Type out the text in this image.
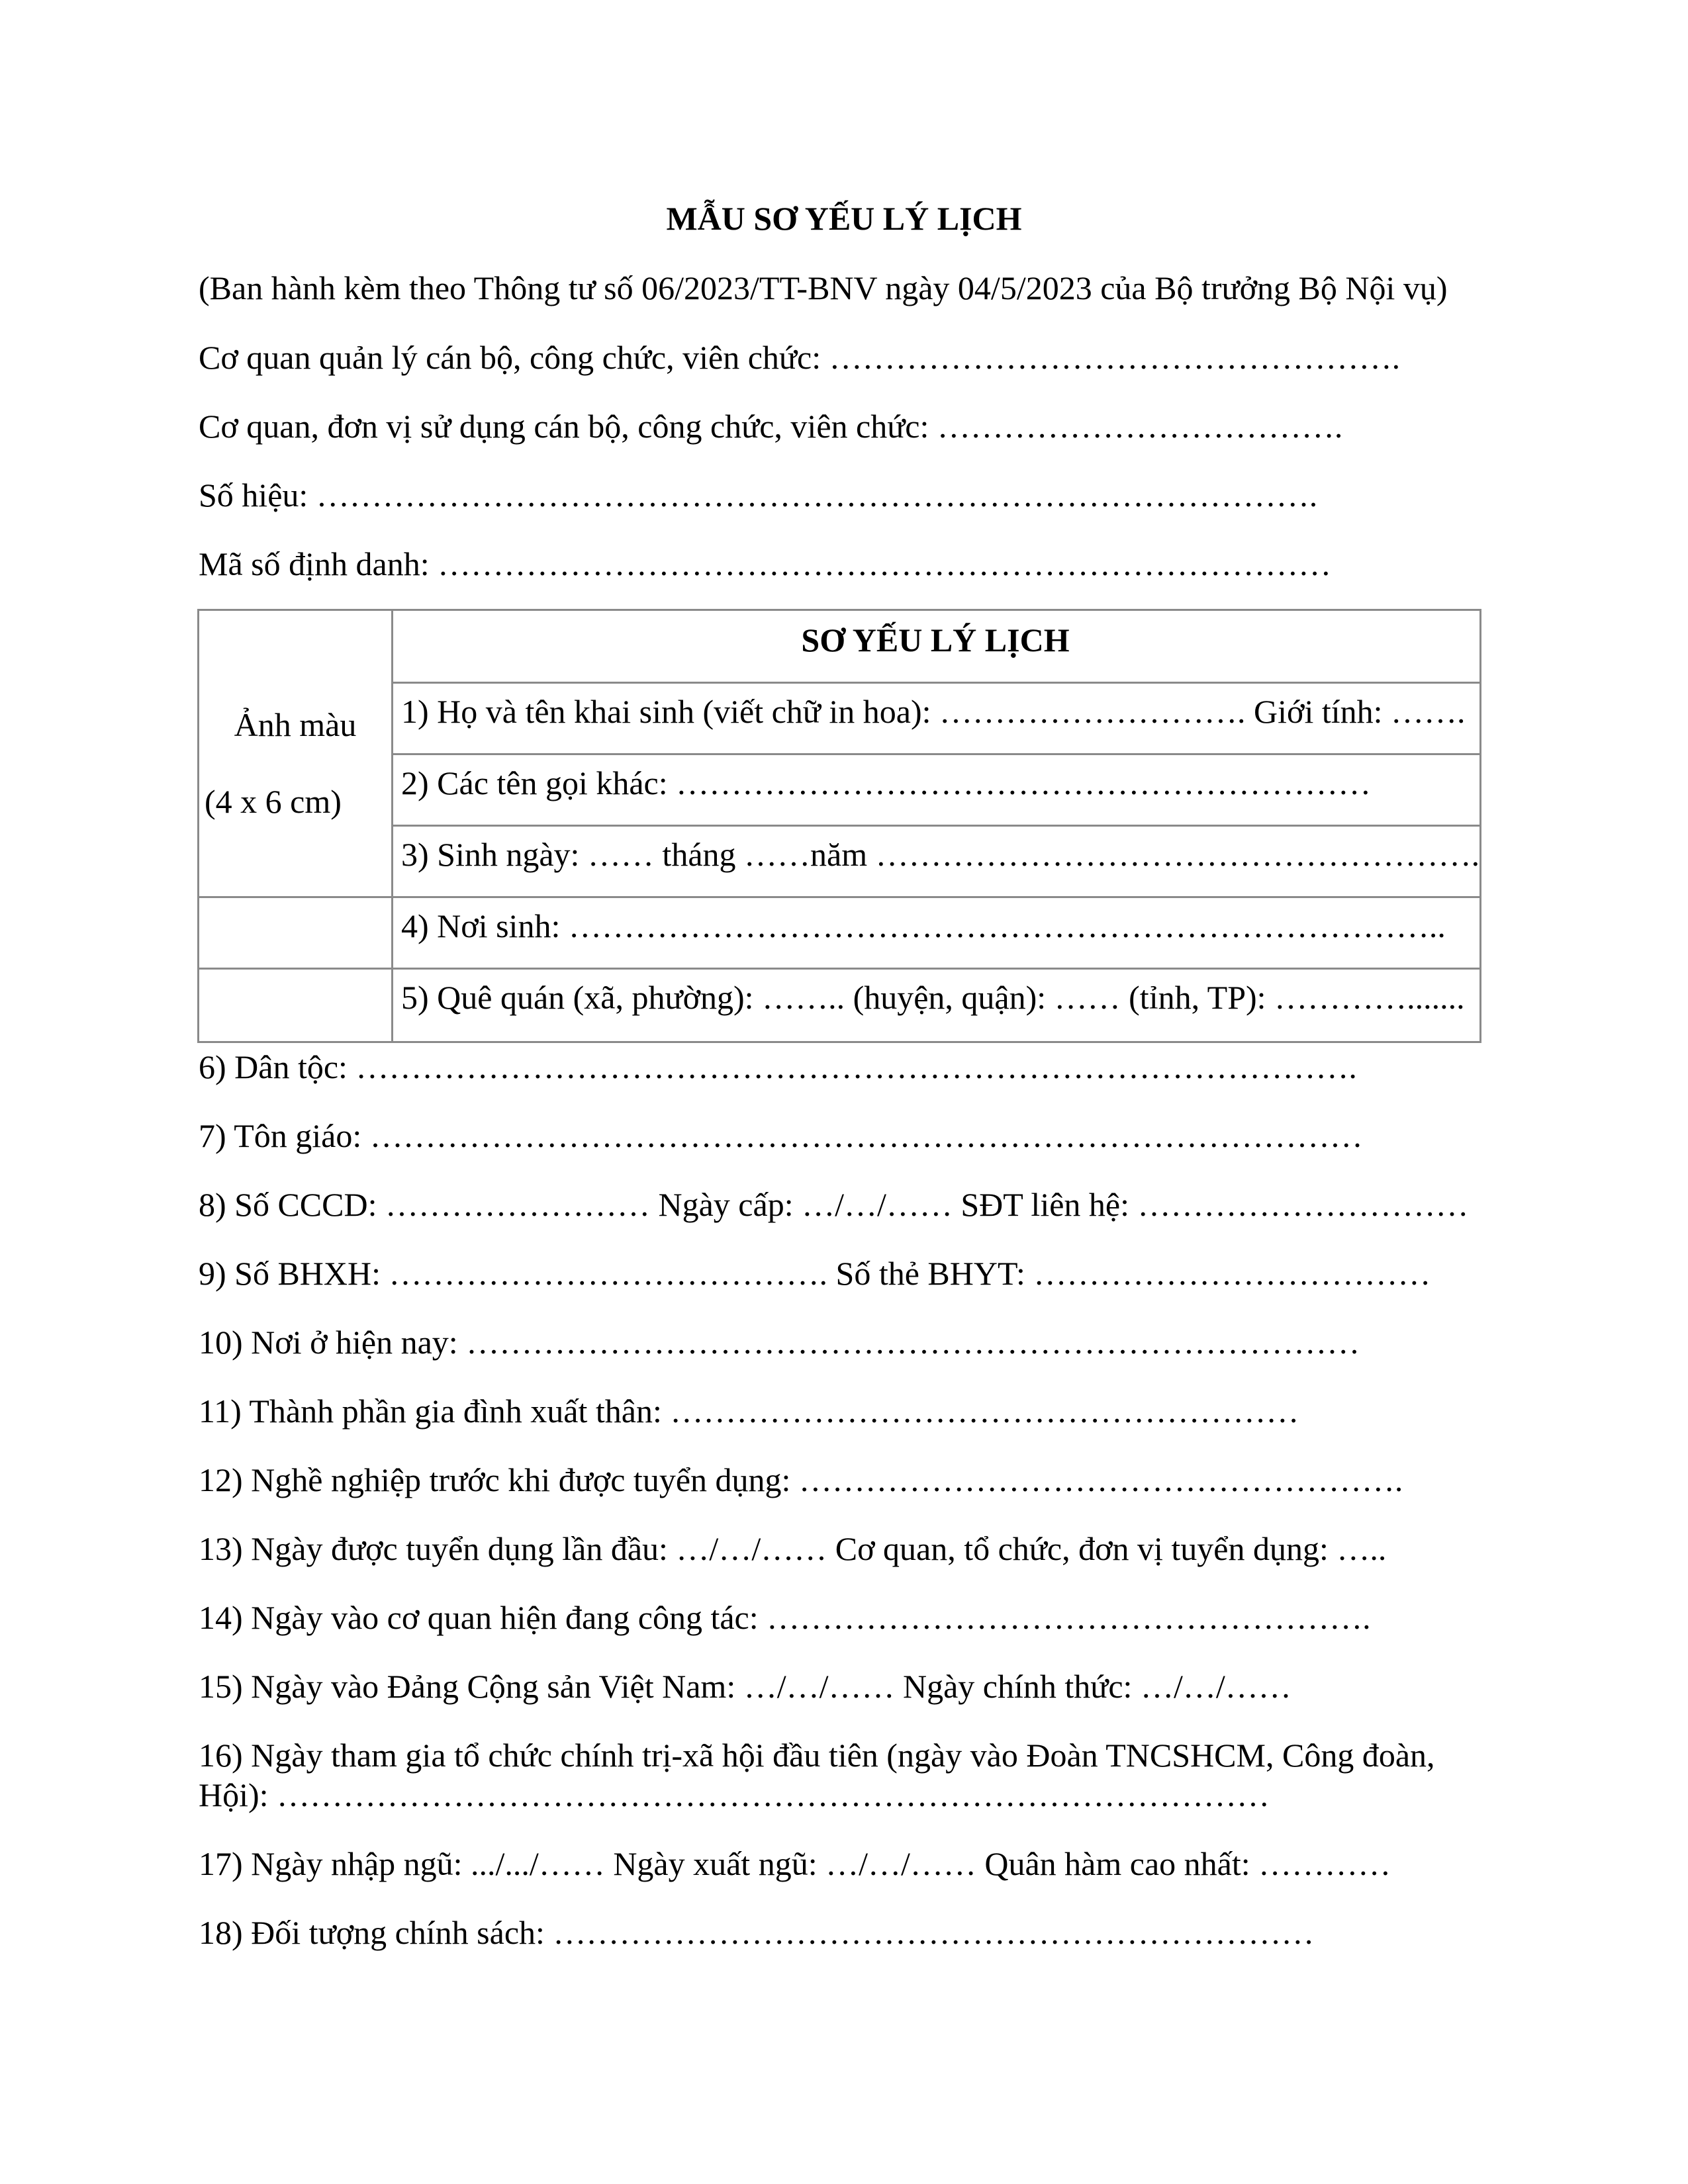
MẪU SƠ YẾU LÝ LỊCH
(Ban hành kèm theo Thông tư số 06/2023/TT-BNV ngày 04/5/2023 của Bộ trưởng Bộ Nội vụ)
Cơ quan quản lý cán bộ, công chức, viên chức: …………………………………………….
Cơ quan, đơn vị sử dụng cán bộ, công chức, viên chức: ……………………………….
Số hiệu: ……………………………………………………………………………….
Mã số định danh: ………………………………………………………………………
SƠ YẾU LÝ LỊCH
Ảnh màu
(4 x 6 cm)
1) Họ và tên khai sinh (viết chữ in hoa): ………………………. Giới tính: …….
2) Các tên gọi khác: ………………………………………………………
3) Sinh ngày: …… tháng ……năm ……………………………………………….
4) Nơi sinh: ……………………………………………………………………..
5) Quê quán (xã, phường): …….. (huyện, quận): …… (tỉnh, TP): ………….......
6) Dân tộc: ……………………………………………………………………………….
7) Tôn giáo: ………………………………………………………………………………
8) Số CCCD: …………………… Ngày cấp: …/…/…… SĐT liên hệ: …………………………
9) Số BHXH: …………………………………. Số thẻ BHYT: ………………………………
10) Nơi ở hiện nay: ………………………………………………………………………
11) Thành phần gia đình xuất thân: …………………………………………………
12) Nghề nghiệp trước khi được tuyển dụng: ……………………………………………….
13) Ngày được tuyển dụng lần đầu: …/…/…… Cơ quan, tổ chức, đơn vị tuyển dụng: …..
14) Ngày vào cơ quan hiện đang công tác: ……………………………………………….
15) Ngày vào Đảng Cộng sản Việt Nam: …/…/…… Ngày chính thức: …/…/……
16) Ngày tham gia tổ chức chính trị-xã hội đầu tiên (ngày vào Đoàn TNCSHCM, Công đoàn, Hội): ………………………………………………………………………………
17) Ngày nhập ngũ: .../.../…… Ngày xuất ngũ: …/…/…… Quân hàm cao nhất: …………
18) Đối tượng chính sách: ……………………………………………………………
